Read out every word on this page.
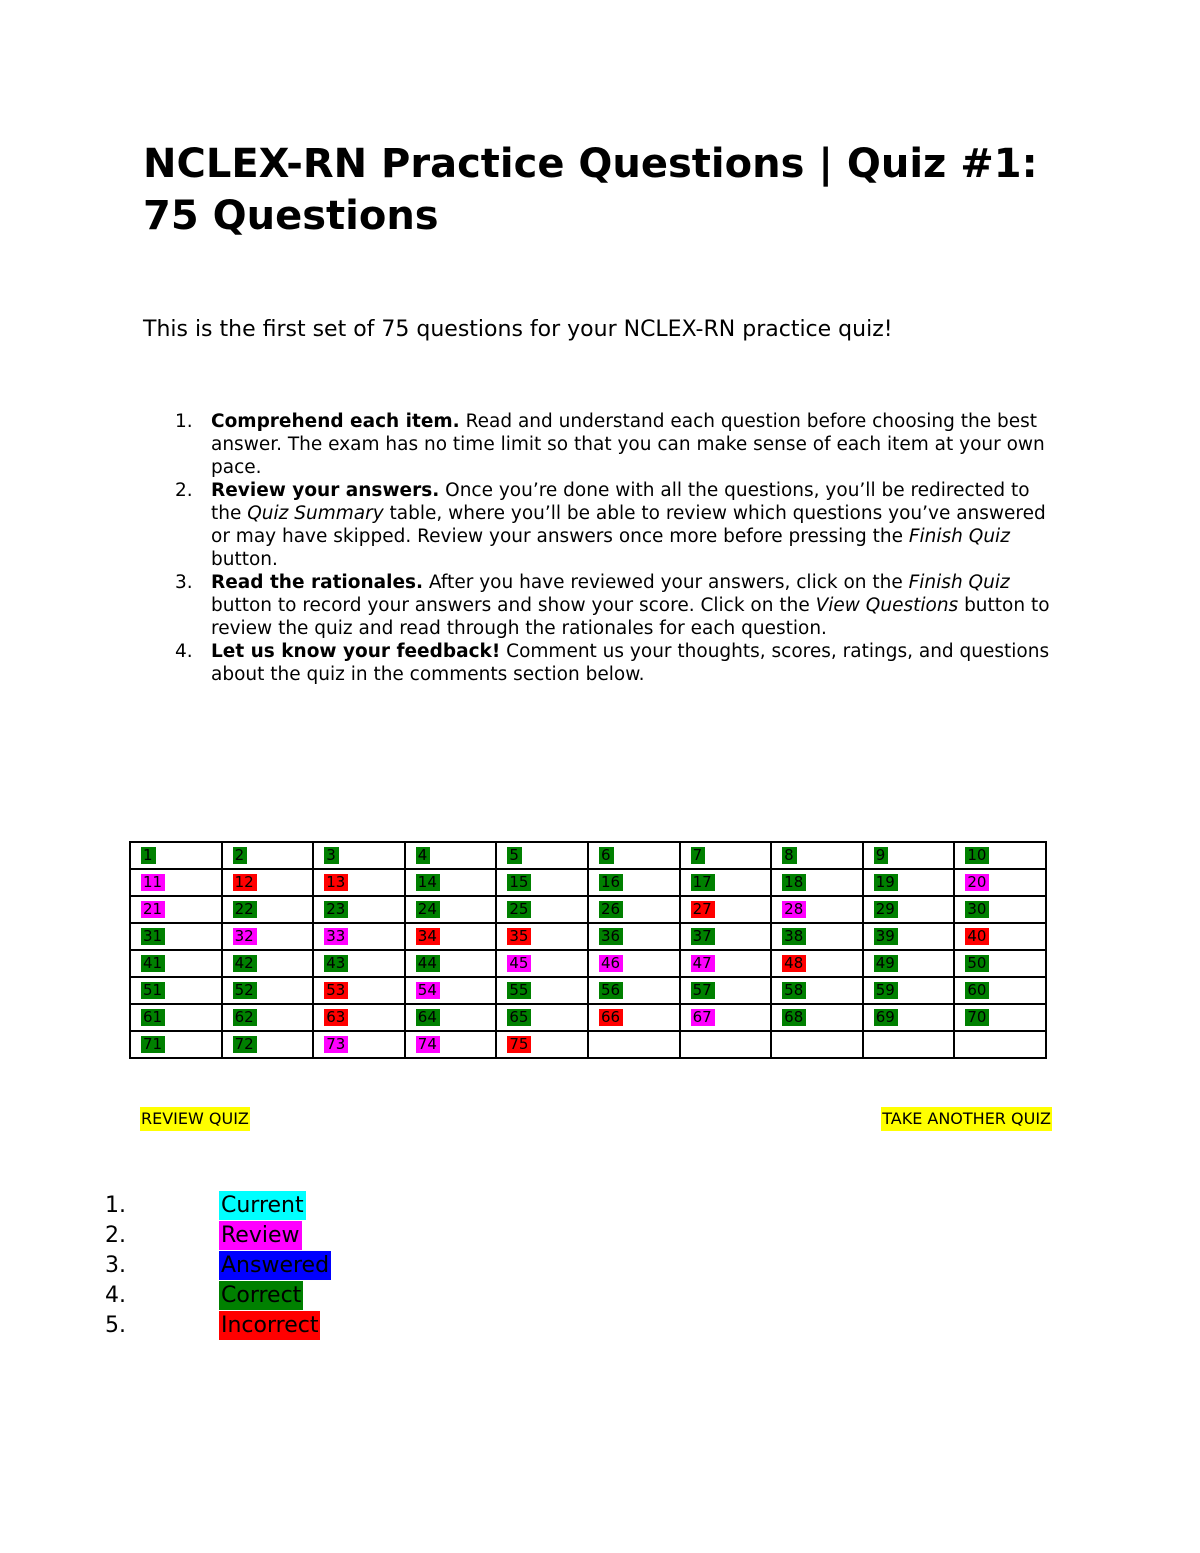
NCLEX-RN Practice Questions | Quiz #1: 75 Questions

This is the first set of 75 questions for your NCLEX-RN practice quiz!

1. Comprehend each item. Read and understand each question before choosing the best answer. The exam has no time limit so that you can make sense of each item at your own pace.
2. Review your answers. Once you’re done with all the questions, you’ll be redirected to the Quiz Summary table, where you’ll be able to review which questions you’ve answered or may have skipped. Review your answers once more before pressing the Finish Quiz button.
3. Read the rationales. After you have reviewed your answers, click on the Finish Quiz button to record your answers and show your score. Click on the View Questions button to review the quiz and read through the rationales for each question.
4. Let us know your feedback! Comment us your thoughts, scores, ratings, and questions about the quiz in the comments section below.
1	2	3	4	5	6	7	8	9	10
11	12	13	14	15	16	17	18	19	20
21	22	23	24	25	26	27	28	29	30
31	32	33	34	35	36	37	38	39	40
41	42	43	44	45	46	47	48	49	50
51	52	53	54	55	56	57	58	59	60
61	62	63	64	65	66	67	68	69	70
71	72	73	74	75					
REVIEW QUIZ	TAKE ANOTHER QUIZ
1.	Current
2.	Review
3.	Answered
4.	Correct
5.	Incorrect
